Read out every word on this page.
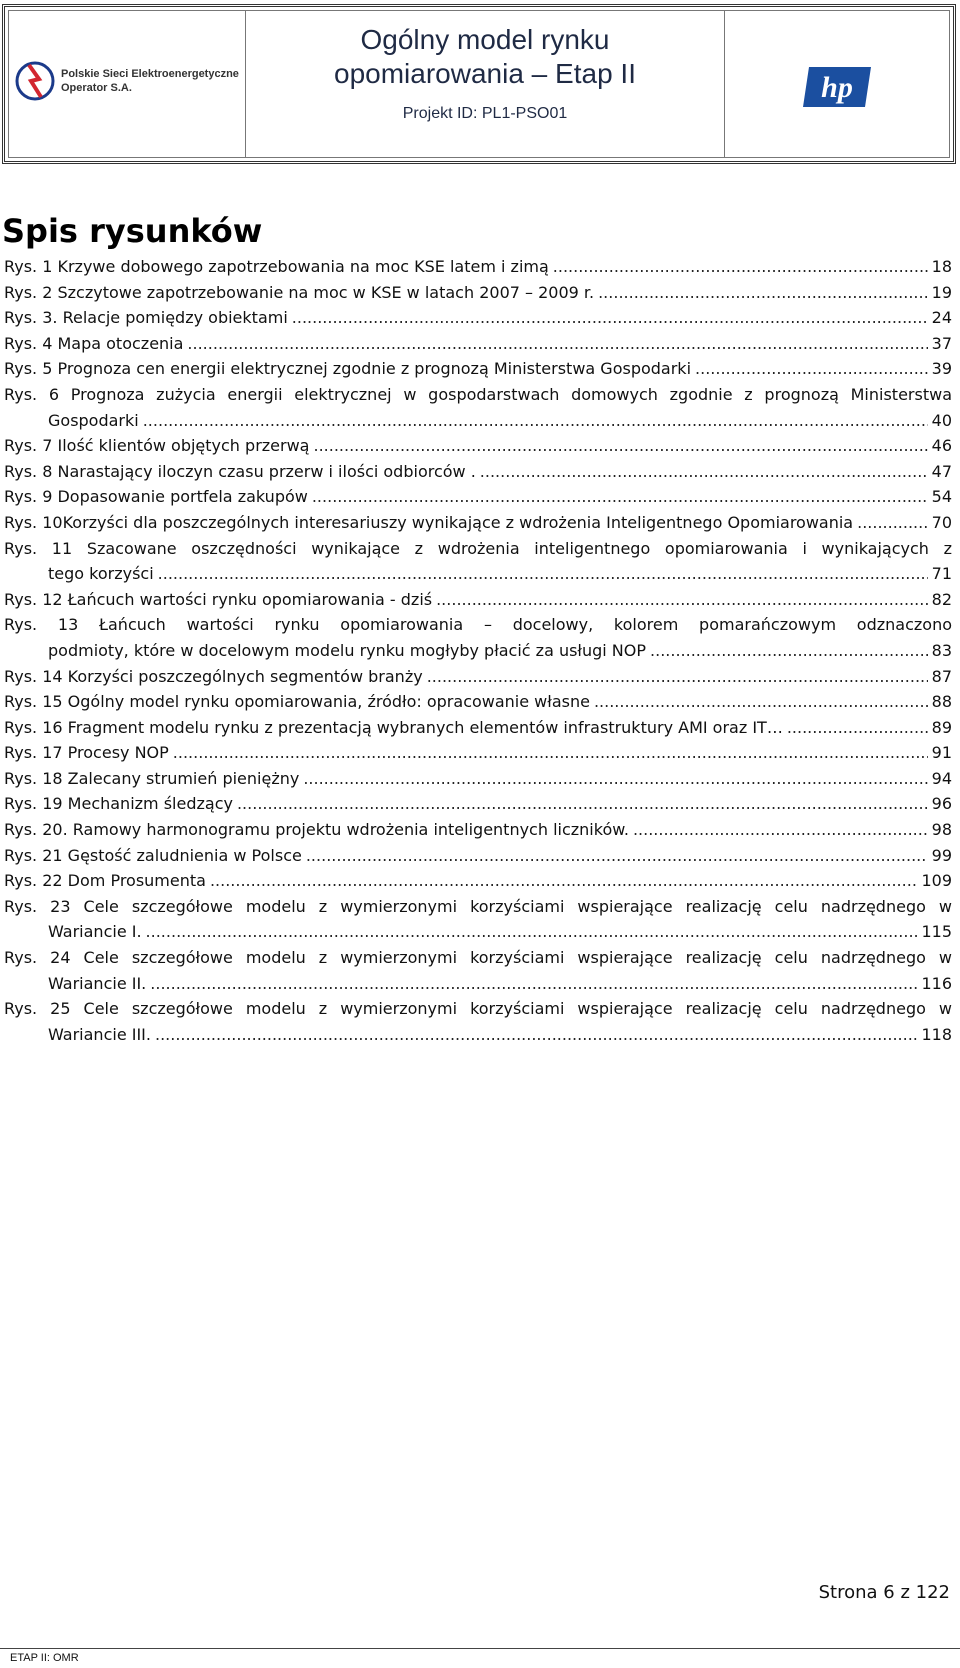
Polskie Sieci Elektroenergetyczne
Operator S.A.
Ogólny model rynku
opomiarowania – Etap II
Projekt ID: PL1-PSO01
hp
Spis rysunków
Rys. 1 Krzywe dobowego zapotrzebowania na moc KSE latem i zimą .....	18
Rys. 2 Szczytowe zapotrzebowanie na moc w KSE w latach 2007 – 2009 r. .....	19
Rys. 3. Relacje pomiędzy obiektami .....	24
Rys. 4 Mapa otoczenia .....	37
Rys. 5 Prognoza cen energii elektrycznej zgodnie z prognozą Ministerstwa Gospodarki .....	39
Rys. 6 Prognoza zużycia energii elektrycznej w gospodarstwach domowych zgodnie z prognozą Ministerstwa
Gospodarki .....	40
Rys. 7 Ilość klientów objętych przerwą .....	46
Rys. 8 Narastający iloczyn czasu przerw i ilości odbiorców . .....	47
Rys. 9 Dopasowanie portfela zakupów .....	54
Rys. 10Korzyści dla poszczególnych interesariuszy wynikające z wdrożenia Inteligentnego Opomiarowania .....	70
Rys. 11 Szacowane oszczędności wynikające z wdrożenia inteligentnego opomiarowania i wynikających z
tego korzyści .....	71
Rys. 12 Łańcuch wartości rynku opomiarowania - dziś .....	82
Rys. 13 Łańcuch wartości rynku opomiarowania – docelowy, kolorem pomarańczowym odznaczono
podmioty, które w docelowym modelu rynku mogłyby płacić za usługi NOP .....	83
Rys. 14 Korzyści poszczególnych segmentów branży .....	87
Rys. 15 Ogólny model rynku opomiarowania, źródło: opracowanie własne .....	88
Rys. 16 Fragment modelu rynku z prezentacją wybranych elementów infrastruktury AMI oraz IT… .....	89
Rys. 17 Procesy NOP .....	91
Rys. 18 Zalecany strumień pieniężny .....	94
Rys. 19 Mechanizm śledzący .....	96
Rys. 20. Ramowy harmonogramu projektu wdrożenia inteligentnych liczników. .....	98
Rys. 21 Gęstość zaludnienia w Polsce .....	99
Rys. 22 Dom Prosumenta .....	109
Rys. 23 Cele szczegółowe modelu z wymierzonymi korzyściami wspierające realizację celu nadrzędnego w
Wariancie I. .....	115
Rys. 24 Cele szczegółowe modelu z wymierzonymi korzyściami wspierające realizację celu nadrzędnego w
Wariancie II. .....	116
Rys. 25 Cele szczegółowe modelu z wymierzonymi korzyściami wspierające realizację celu nadrzędnego w
Wariancie III. .....	118
Strona 6 z 122
ETAP II: OMR
